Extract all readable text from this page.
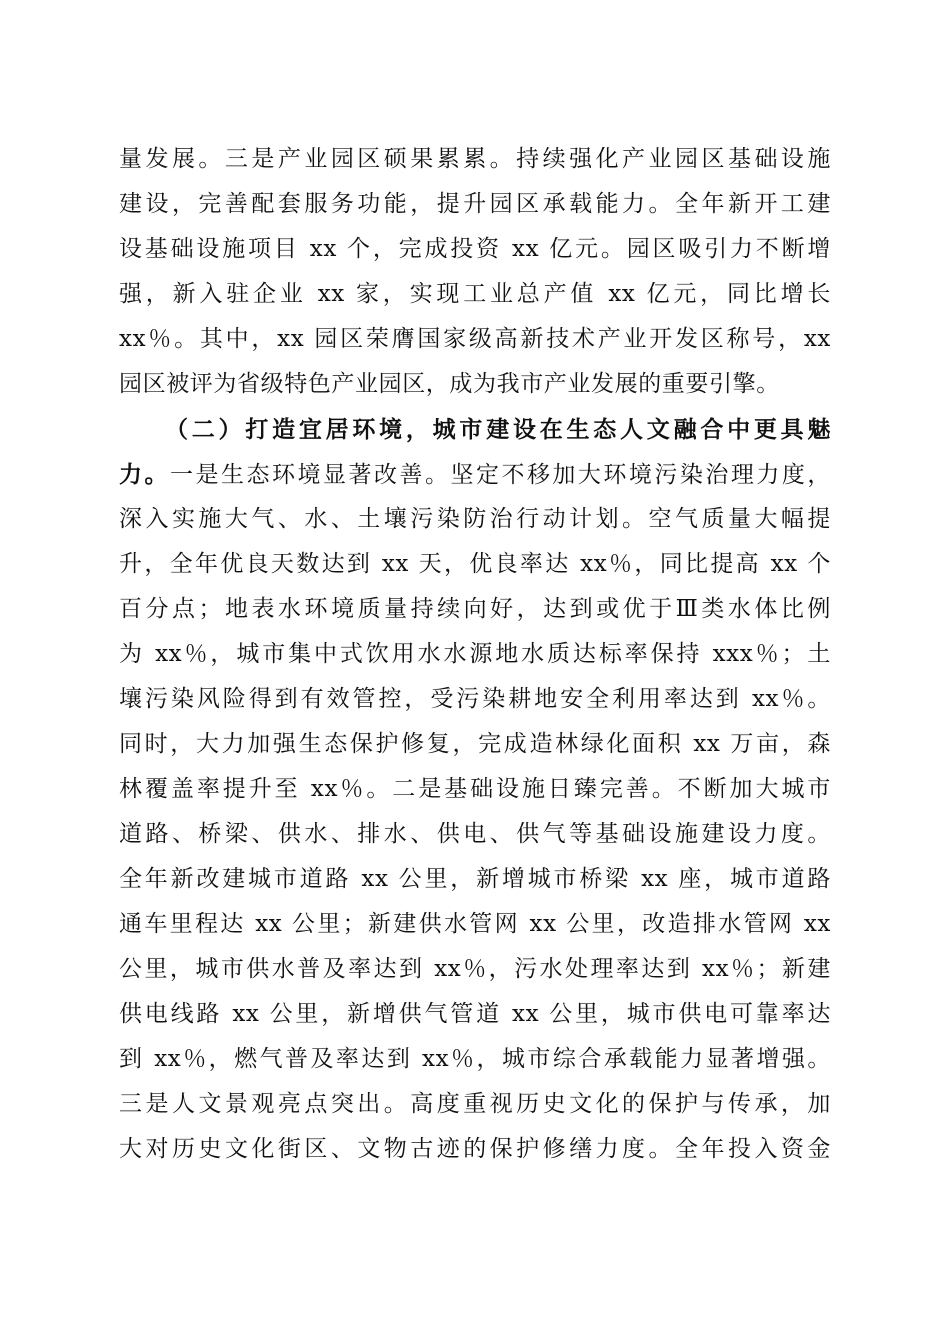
量发展。三是产业园区硕果累累。持续强化产业园区基础设施
建设，完善配套服务功能，提升园区承载能力。全年新开工建
设基础设施项目 xx 个，完成投资 xx 亿元。园区吸引力不断增
强，新入驻企业 xx 家，实现工业总产值 xx 亿元，同比增长
xx％。其中，xx 园区荣膺国家级高新技术产业开发区称号，xx
园区被评为省级特色产业园区，成为我市产业发展的重要引擎。
（二）打造宜居环境，城市建设在生态人文融合中更具魅
力。一是生态环境显著改善。坚定不移加大环境污染治理力度，
深入实施大气、水、土壤污染防治行动计划。空气质量大幅提
升，全年优良天数达到 xx 天，优良率达 xx％，同比提高 xx 个
百分点；地表水环境质量持续向好，达到或优于Ⅲ类水体比例
为 xx％，城市集中式饮用水水源地水质达标率保持 xxx％；土
壤污染风险得到有效管控，受污染耕地安全利用率达到 xx％。
同时，大力加强生态保护修复，完成造林绿化面积 xx 万亩，森
林覆盖率提升至 xx％。二是基础设施日臻完善。不断加大城市
道路、桥梁、供水、排水、供电、供气等基础设施建设力度。
全年新改建城市道路 xx 公里，新增城市桥梁 xx 座，城市道路
通车里程达 xx 公里；新建供水管网 xx 公里，改造排水管网 xx
公里，城市供水普及率达到 xx％，污水处理率达到 xx％；新建
供电线路 xx 公里，新增供气管道 xx 公里，城市供电可靠率达
到 xx％，燃气普及率达到 xx％，城市综合承载能力显著增强。
三是人文景观亮点突出。高度重视历史文化的保护与传承，加
大对历史文化街区、文物古迹的保护修缮力度。全年投入资金
